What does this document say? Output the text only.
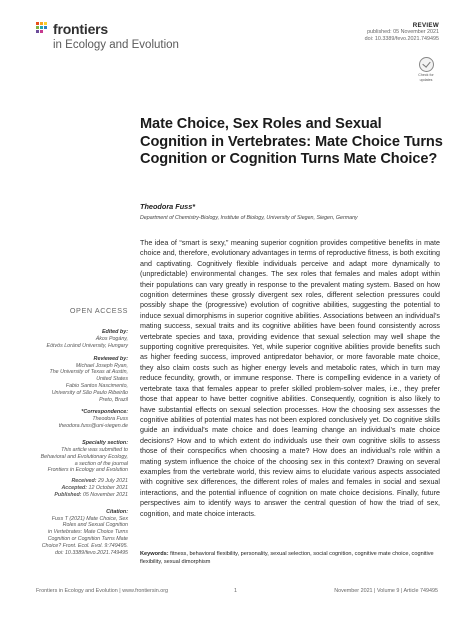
frontiers
in Ecology and Evolution
REVIEW
published: 05 November 2021
doi: 10.3389/fevo.2021.749495
Check for
updates
Mate Choice, Sex Roles and Sexual Cognition in Vertebrates: Mate Choice Turns Cognition or Cognition Turns Mate Choice?
Theodora Fuss*
Department of Chemistry-Biology, Institute of Biology, University of Siegen, Siegen, Germany
The idea of “smart is sexy,” meaning superior cognition provides competitive benefits in mate choice and, therefore, evolutionary advantages in terms of reproductive fitness, is both exciting and captivating. Cognitively flexible individuals perceive and adapt more dynamically to (unpredictable) environmental changes. The sex roles that females and males adopt within their populations can vary greatly in response to the prevalent mating system. Based on how cognition determines these grossly divergent sex roles, different selection pressures could possibly shape the (progressive) evolution of cognitive abilities, suggesting the potential to induce sexual dimorphisms in superior cognitive abilities. Associations between an individual’s mating success, sexual traits and its cognitive abilities have been found consistently across vertebrate species and taxa, providing evidence that sexual selection may well shape the supporting cognitive prerequisites. Yet, while superior cognitive abilities provide benefits such as higher feeding success, improved antipredator behavior, or more favorable mate choice, they also claim costs such as higher energy levels and metabolic rates, which in turn may reduce fecundity, growth, or immune response. There is compelling evidence in a variety of vertebrate taxa that females appear to prefer skilled problem-solver males, i.e., they prefer those that appear to have better cognitive abilities. Consequently, cognition is also likely to have substantial effects on sexual selection processes. How the choosing sex assesses the cognitive abilities of potential mates has not been explored conclusively yet. Do cognitive skills guide an individual’s mate choice and does learning change an individual’s mate choice decisions? How and to which extent do individuals use their own cognitive skills to assess those of their conspecifics when choosing a mate? How does an individual’s role within a mating system influence the choice of the choosing sex in this context? Drawing on several examples from the vertebrate world, this review aims to elucidate various aspects associated with cognitive sex differences, the different roles of males and females in social and sexual interactions, and the potential influence of cognition on mate choice decisions. Finally, future perspectives aim to identify ways to answer the central question of how the triad of sex, cognition, and mate choice interacts.
Keywords: fitness, behavioral flexibility, personality, sexual selection, social cognition, cognitive mate choice, cognitive flexibility, sexual dimorphism
OPEN ACCESS
Edited by:
Ákos Pogány,
Eötvös Loránd University, Hungary
Reviewed by:
Michael Joseph Ryan,
The University of Texas at Austin,
United States
Fabio Santos Nascimento,
University of São Paulo Ribeirão
Preto, Brazil
*Correspondence:
Theodora Fuss
theodora.fuss@uni-siegen.de
Specialty section:
This article was submitted to
Behavioral and Evolutionary Ecology,
a section of the journal
Frontiers in Ecology and Evolution
Received: 29 July 2021
Accepted: 12 October 2021
Published: 05 November 2021
Citation:
Fuss T (2021) Mate Choice, Sex
Roles and Sexual Cognition
in Vertebrates: Mate Choice Turns
Cognition or Cognition Turns Mate
Choice? Front. Ecol. Evol. 9:749495.
doi: 10.3389/fevo.2021.749495
Frontiers in Ecology and Evolution | www.frontiersin.org	1	November 2021 | Volume 9 | Article 749495
